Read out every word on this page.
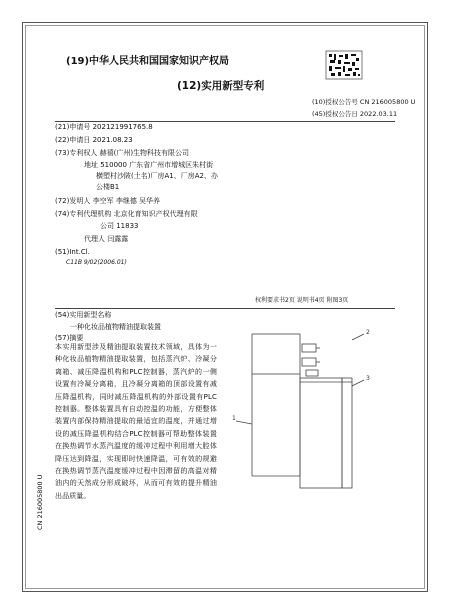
(19)中华人民共和国国家知识产权局
(12)实用新型专利
(10)授权公告号 CN 216005800 U
(45)授权公告日 2022.03.11
(21)申请号 202121991765.8
(22)申请日 2021.08.23
(73)专利权人 赫禧(广州)生物科技有限公司
地址 510000 广东省广州市增城区朱村街
横塱村沙陂(土名)厂房A1、厂房A2、办
公楼B1
(72)发明人 李空军 李继德 吴华养
(74)专利代理机构 北京化育知识产权代理有限
公司 11833
代理人 闫露露
(51)Int.Cl.
C11B 9/02(2006.01)
权利要求书2页 说明书4页 附图3页
(54)实用新型名称
一种化妆品植物精油提取装置
(57)摘要
本实用新型涉及精油提取装置技术领域，具体为一种化妆品植物精油提取装置，包括蒸汽炉、冷凝分离箱、减压降温机构和PLC控制器，蒸汽炉的一侧设置有冷凝分离箱，且冷凝分离箱的顶部设置有减压降温机构，同时减压降温机构的外部设置有PLC控制器。整体装置具有自动控温的功能，方便整体装置内部保持精油提取的最适宜的温度，并通过增设的减压降温机构结合PLC控制器可帮助整体装置在换热调节水蒸汽温度的缓冲过程中利用增大腔体降压达到降温，实现即时快速降温，可有效的规避在换热调节蒸汽温度缓冲过程中因滞留的高温对精油内的天然成分形成破坏，从而可有效的提升精油出品质量。
1
2
3
CN 216005800 U
